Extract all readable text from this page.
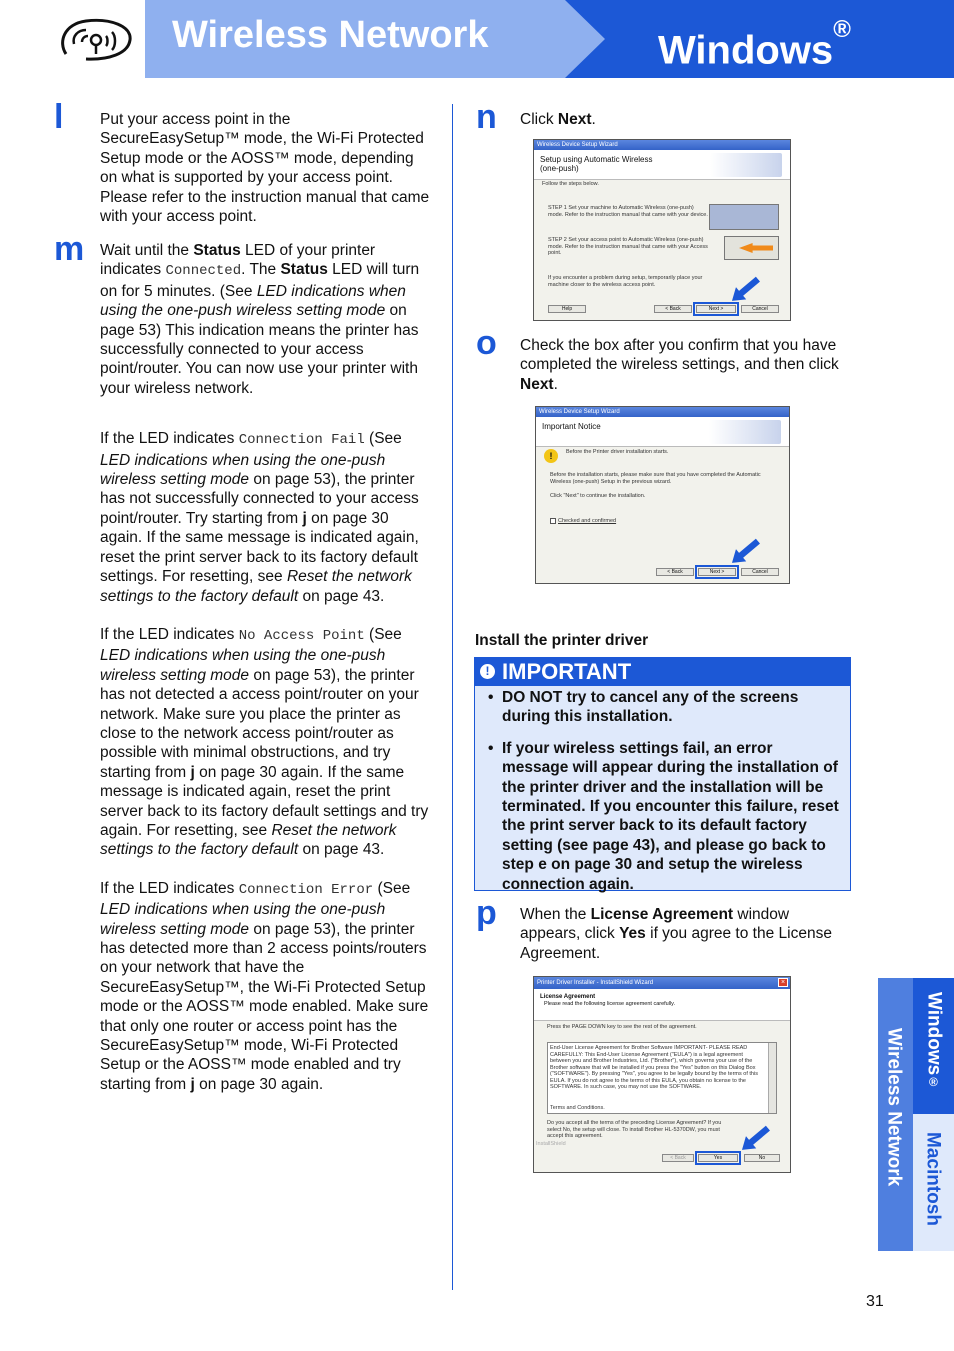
Wireless Network	Windows®
l Put your access point in the SecureEasySetup™ mode, the Wi-Fi Protected Setup mode or the AOSS™ mode, depending on what is supported by your access point. Please refer to the instruction manual that came with your access point.

m Wait until the Status LED of your printer indicates Connected. The Status LED will turn on for 5 minutes. (See LED indications when using the one-push wireless setting mode on page 53) This indication means the printer has successfully connected to your access point/router. You can now use your printer with your wireless network.

If the LED indicates Connection Fail (See LED indications when using the one-push wireless setting mode on page 53), the printer has not successfully connected to your access point/router. Try starting from j on page 30 again. If the same message is indicated again, reset the print server back to its factory default settings. For resetting, see Reset the network settings to the factory default on page 43.

If the LED indicates No Access Point (See LED indications when using the one-push wireless setting mode on page 53), the printer has not detected a access point/router on your network. Make sure you place the printer as close to the network access point/router as possible with minimal obstructions, and try starting from j on page 30 again. If the same message is indicated again, reset the print server back to its factory default settings and try again. For resetting, see Reset the network settings to the factory default on page 43.

If the LED indicates Connection Error (See LED indications when using the one-push wireless setting mode on page 53), the printer has detected more than 2 access points/routers on your network that have the SecureEasySetup™, the Wi-Fi Protected Setup mode or the AOSS™ mode enabled. Make sure that only one router or access point has the SecureEasySetup™ mode, Wi-Fi Protected Setup or the AOSS™ mode enabled and try starting from j on page 30 again.

n Click Next.

Wireless Device Setup Wizard
Setup using Automatic Wireless (one-push)
Follow the steps below.
STEP 1 Set your machine to Automatic Wireless (one-push) mode. Refer to the instruction manual that came with your device.
STEP 2 Set your access point to Automatic Wireless (one-push) mode. Refer to the instruction manual that came with your Access point.
If you encounter a problem during setup, temporarily place your machine closer to the wireless access point.
Help	< Back	Next >	Cancel
o Check the box after you confirm that you have completed the wireless settings, and then click Next.

Wireless Device Setup Wizard
Important Notice
!	Before the Printer driver installation starts.
Before the installation starts, please make sure that you have completed the Automatic Wireless (one-push) Setup in the previous wizard.
Click "Next" to continue the installation.
Checked and confirmed
< Back	Next >	Cancel
Install the printer driver
! IMPORTANT
• DO NOT try to cancel any of the screens during this installation.
• If your wireless settings fail, an error message will appear during the installation of the printer driver and the installation will be terminated. If you encounter this failure, reset the print server back to its default factory setting (see page 43), and please go back to step e on page 30 and setup the wireless connection again.
p When the License Agreement window appears, click Yes if you agree to the License Agreement.

Printer Driver Installer - InstallShield Wizard	×
License Agreement
Please read the following license agreement carefully.
Press the PAGE DOWN key to see the rest of the agreement.
End-User License Agreement for Brother Software IMPORTANT- PLEASE READ CAREFULLY: This End-User License Agreement ("EULA") is a legal agreement between you and Brother Industries, Ltd. ("Brother"), which governs your use of the Brother software that will be installed if you press the "Yes" button on this Dialog Box ("SOFTWARE"). By pressing "Yes", you agree to be legally bound by the terms of this EULA. If you do not agree to the terms of this EULA, you obtain no license to the SOFTWARE. In such case, you may not use the SOFTWARE.
Terms and Conditions.
Do you accept all the terms of the preceding License Agreement? If you select No, the setup will close. To install Brother HL-5370DW, you must accept this agreement.
InstallShield
< Back	Yes	No	Wireless Network Windows®
Macintosh
31
